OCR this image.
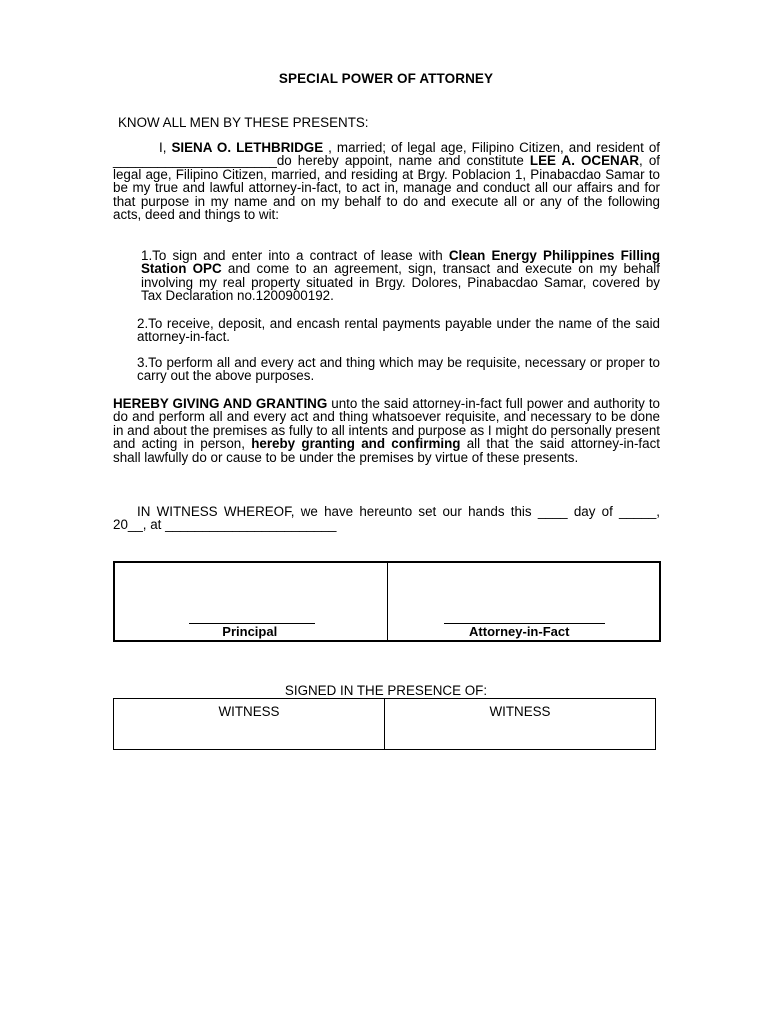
SPECIAL POWER OF ATTORNEY
KNOW ALL MEN BY THESE PRESENTS:
I, SIENA O. LETHBRIDGE , married; of legal age, Filipino Citizen, and resident of ______________________do hereby appoint, name and constitute LEE A. OCENAR, of legal age, Filipino Citizen, married, and residing at Brgy. Poblacion 1, Pinabacdao Samar to be my true and lawful attorney-in-fact, to act in, manage and conduct all our affairs and for that purpose in my name and on my behalf to do and execute all or any of the following acts, deed and things to wit:
1.To sign and enter into a contract of lease with Clean Energy Philippines Filling Station OPC and come to an agreement, sign, transact and execute on my behalf involving my real property situated in Brgy. Dolores, Pinabacdao Samar, covered by Tax Declaration no.1200900192.
2.To receive, deposit, and encash rental payments payable under the name of the said attorney-in-fact.
3.To perform all and every act and thing which may be requisite, necessary or proper to carry out the above purposes.
HEREBY GIVING AND GRANTING unto the said attorney-in-fact full power and authority to do and perform all and every act and thing whatsoever requisite, and necessary to be done in and about the premises as fully to all intents and purpose as I might do personally present and acting in person, hereby granting and confirming all that the said attorney-in-fact shall lawfully do or cause to be under the premises by virtue of these presents.
IN WITNESS WHEREOF, we have hereunto set our hands this ____ day of _____, 20__, at _______________________
Principal	Attorney-in-Fact
SIGNED IN THE PRESENCE OF:
WITNESS	WITNESS
